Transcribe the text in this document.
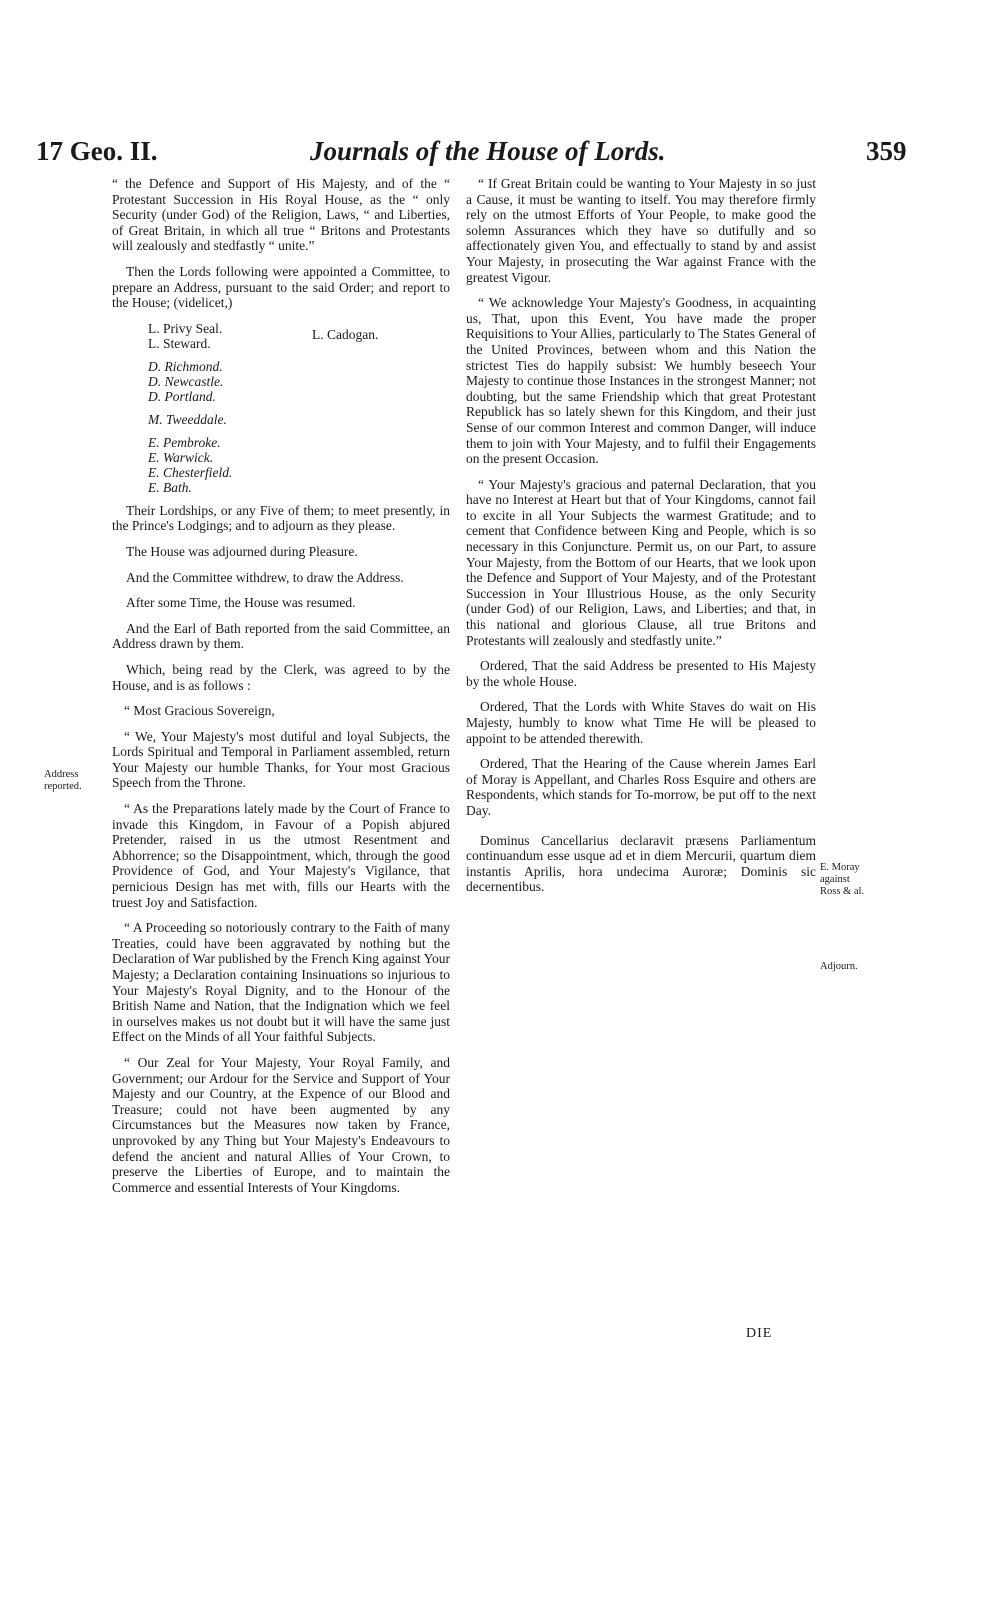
17 Geo. II.	Journals of the House of Lords.	359

“ the Defence and Support of His Majesty, and of the “ Protestant Succession in His Royal House, as the “ only Security (under God) of the Religion, Laws, “ and Liberties, of Great Britain, in which all true “ Britons and Protestants will zealously and stedfastly “ unite.”

Then the Lords following were appointed a Committee, to prepare an Address, pursuant to the said Order; and report to the House; (videlicet,)

L. Privy Seal.
L. Steward.
L. Cadogan.
D. Richmond.
D. Newcastle.
D. Portland.
M. Tweeddale.
E. Pembroke.
E. Warwick.
E. Chesterfield.
E. Bath.

Their Lordships, or any Five of them; to meet presently, in the Prince's Lodgings; and to adjourn as they please.

The House was adjourned during Pleasure.

And the Committee withdrew, to draw the Address.

After some Time, the House was resumed.

And the Earl of Bath reported from the said Committee, an Address drawn by them.

Which, being read by the Clerk, was agreed to by the House, and is as follows :

“ Most Gracious Sovereign,

“ We, Your Majesty's most dutiful and loyal Subjects, the Lords Spiritual and Temporal in Parliament assembled, return Your Majesty our humble Thanks, for Your most Gracious Speech from the Throne.

“ As the Preparations lately made by the Court of France to invade this Kingdom, in Favour of a Popish abjured Pretender, raised in us the utmost Resentment and Abhorrence; so the Disappointment, which, through the good Providence of God, and Your Majesty's Vigilance, that pernicious Design has met with, fills our Hearts with the truest Joy and Satisfaction.

“ A Proceeding so notoriously contrary to the Faith of many Treaties, could have been aggravated by nothing but the Declaration of War published by the French King against Your Majesty; a Declaration containing Insinuations so injurious to Your Majesty's Royal Dignity, and to the Honour of the British Name and Nation, that the Indignation which we feel in ourselves makes us not doubt but it will have the same just Effect on the Minds of all Your faithful Subjects.

“ Our Zeal for Your Majesty, Your Royal Family, and Government; our Ardour for the Service and Support of Your Majesty and our Country, at the Expence of our Blood and Treasure; could not have been augmented by any Circumstances but the Measures now taken by France, unprovoked by any Thing but Your Majesty's Endeavours to defend the ancient and natural Allies of Your Crown, to preserve the Liberties of Europe, and to maintain the Commerce and essential Interests of Your Kingdoms.

“ If Great Britain could be wanting to Your Majesty in so just a Cause, it must be wanting to itself. You may therefore firmly rely on the utmost Efforts of Your People, to make good the solemn Assurances which they have so dutifully and so affectionately given You, and effectually to stand by and assist Your Majesty, in prosecuting the War against France with the greatest Vigour.

“ We acknowledge Your Majesty's Goodness, in acquainting us, That, upon this Event, You have made the proper Requisitions to Your Allies, particularly to The States General of the United Provinces, between whom and this Nation the strictest Ties do happily subsist: We humbly beseech Your Majesty to continue those Instances in the strongest Manner; not doubting, but the same Friendship which that great Protestant Republick has so lately shewn for this Kingdom, and their just Sense of our common Interest and common Danger, will induce them to join with Your Majesty, and to fulfil their Engagements on the present Occasion.

“ Your Majesty's gracious and paternal Declaration, that you have no Interest at Heart but that of Your Kingdoms, cannot fail to excite in all Your Subjects the warmest Gratitude; and to cement that Confidence between King and People, which is so necessary in this Conjuncture. Permit us, on our Part, to assure Your Majesty, from the Bottom of our Hearts, that we look upon the Defence and Support of Your Majesty, and of the Protestant Succession in Your Illustrious House, as the only Security (under God) of our Religion, Laws, and Liberties; and that, in this national and glorious Clause, all true Britons and Protestants will zealously and stedfastly unite.”

Ordered, That the said Address be presented to His Majesty by the whole House.

Ordered, That the Lords with White Staves do wait on His Majesty, humbly to know what Time He will be pleased to appoint to be attended therewith.

Ordered, That the Hearing of the Cause wherein James Earl of Moray is Appellant, and Charles Ross Esquire and others are Respondents, which stands for To-morrow, be put off to the next Day.

Dominus Cancellarius declaravit præsens Parliamentum continuandum esse usque ad et in diem Mercurii, quartum diem instantis Aprilis, hora undecima Auroræ; Dominis sic decernentibus.

Address reported.
E. Moray against Ross & al.
Adjourn.
DIE
